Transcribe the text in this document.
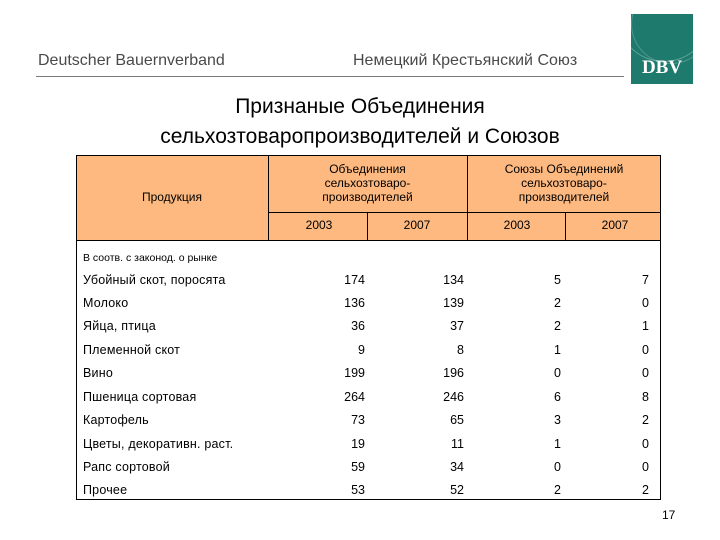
Deutscher Bauernverband	Немецкий Крестьянский Союз	DBV
Признаные Объединения
сельхозтоваропроизводителей и Союзов
Продукция
Объединения
сельхозтоваро-
производителей
Союзы Объединений
сельхозтоваро-
производителей
2003	2007	2003	2007
В соотв. с законод. о рынке
Убойный скот, поросята	174	134	5	7
Молоко	136	139	2	0
Яйца, птица	36	37	2	1
Племенной скот	9	8	1	0
Вино	199	196	0	0
Пшеница сортовая	264	246	6	8
Картофель	73	65	3	2
Цветы, декоративн. раст.	19	11	1	0
Рапс сортовой	59	34	0	0
Прочее	53	52	2	2
17
